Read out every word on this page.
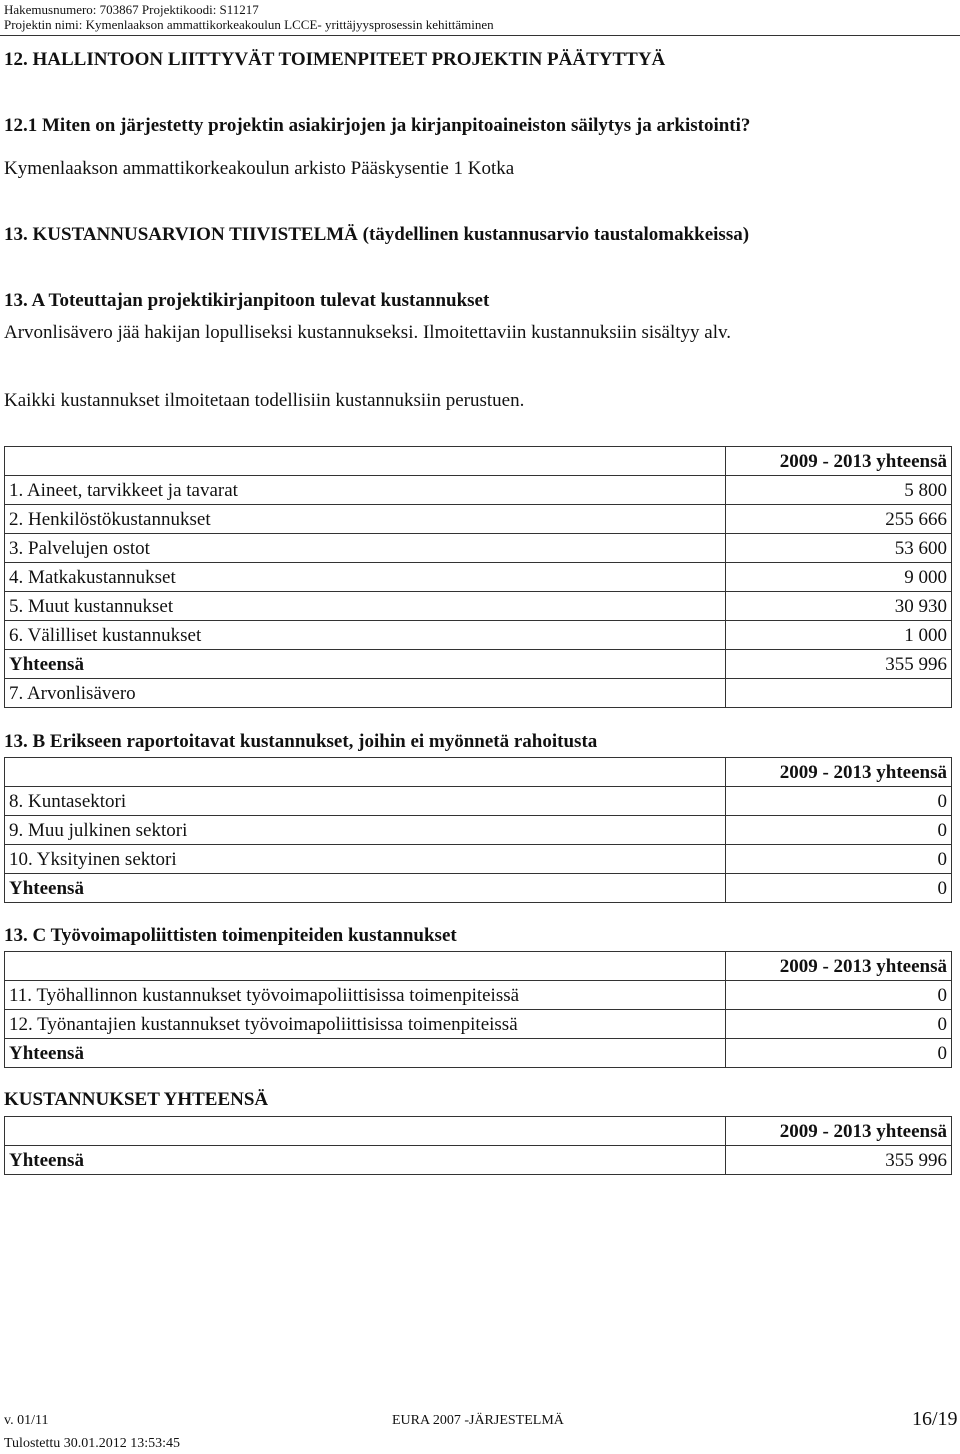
Hakemusnumero: 703867 Projektikoodi: S11217
Projektin nimi: Kymenlaakson ammattikorkeakoulun LCCE- yrittäjyysprosessin kehittäminen
12. HALLINTOON LIITTYVÄT TOIMENPITEET PROJEKTIN PÄÄTYTTYÄ
12.1 Miten on järjestetty projektin asiakirjojen ja kirjanpitoaineiston säilytys ja arkistointi?
Kymenlaakson ammattikorkeakoulun arkisto Pääskysentie 1 Kotka
13. KUSTANNUSARVION TIIVISTELMÄ (täydellinen kustannusarvio taustalomakkeissa)
13. A Toteuttajan projektikirjanpitoon tulevat kustannukset
Arvonlisävero jää hakijan lopulliseksi kustannukseksi. Ilmoitettaviin kustannuksiin sisältyy alv.
Kaikki kustannukset ilmoitetaan todellisiin kustannuksiin perustuen.
	2009 - 2013 yhteensä
1. Aineet, tarvikkeet ja tavarat	5 800
2. Henkilöstökustannukset	255 666
3. Palvelujen ostot	53 600
4. Matkakustannukset	9 000
5. Muut kustannukset	30 930
6. Välilliset kustannukset	1 000
Yhteensä	355 996
7. Arvonlisävero	
13. B Erikseen raportoitavat kustannukset, joihin ei myönnetä rahoitusta
	2009 - 2013 yhteensä
8. Kuntasektori	0
9. Muu julkinen sektori	0
10. Yksityinen sektori	0
Yhteensä	0
13. C Työvoimapoliittisten toimenpiteiden kustannukset
	2009 - 2013 yhteensä
11. Työhallinnon kustannukset työvoimapoliittisissa toimenpiteissä	0
12. Työnantajien kustannukset työvoimapoliittisissa toimenpiteissä	0
Yhteensä	0
KUSTANNUKSET YHTEENSÄ
	2009 - 2013 yhteensä
Yhteensä	355 996
v. 01/11	EURA 2007 -JÄRJESTELMÄ	16/19
Tulostettu 30.01.2012 13:53:45
